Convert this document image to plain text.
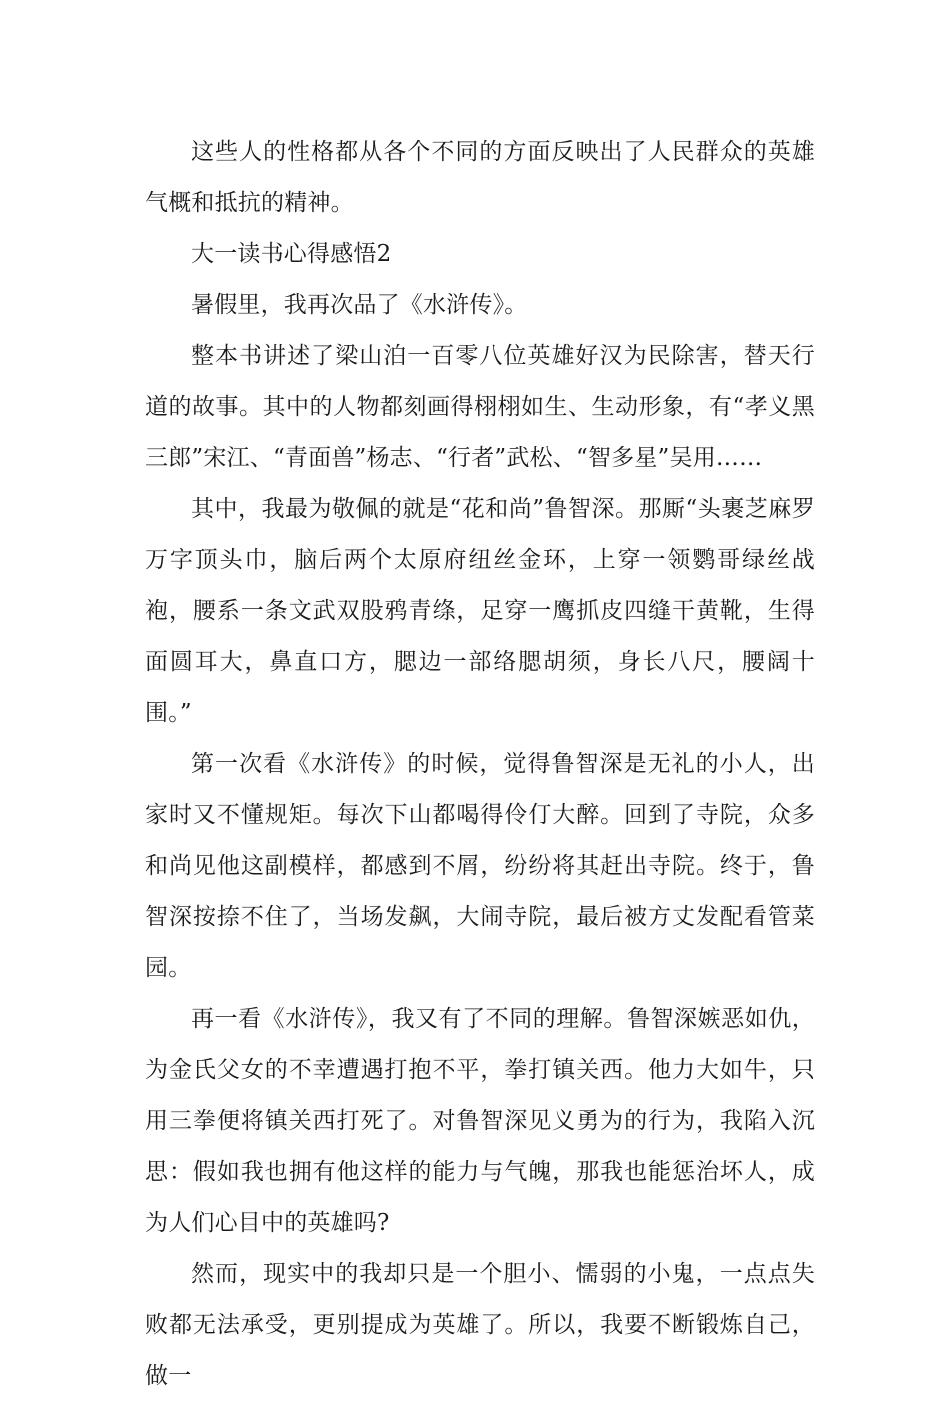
这些人的性格都从各个不同的方面反映出了人民群众的英雄气概和抵抗的精神。

大一读书心得感悟2

暑假里，我再次品了《水浒传》。

整本书讲述了梁山泊一百零八位英雄好汉为民除害，替天行道的故事。其中的人物都刻画得栩栩如生、生动形象，有“孝义黑三郎”宋江、“青面兽”杨志、“行者”武松、“智多星”吴用……

其中，我最为敬佩的就是“花和尚”鲁智深。那厮“头裹芝麻罗万字顶头巾，脑后两个太原府纽丝金环，上穿一领鹦哥绿丝战袍，腰系一条文武双股鸦青绦，足穿一鹰抓皮四缝干黄靴，生得面圆耳大，鼻直口方，腮边一部络腮胡须，身长八尺，腰阔十围。”

第一次看《水浒传》的时候，觉得鲁智深是无礼的小人，出家时又不懂规矩。每次下山都喝得伶仃大醉。回到了寺院，众多和尚见他这副模样，都感到不屑，纷纷将其赶出寺院。终于，鲁智深按捺不住了，当场发飙，大闹寺院，最后被方丈发配看管菜园。

再一看《水浒传》，我又有了不同的理解。鲁智深嫉恶如仇，为金氏父女的不幸遭遇打抱不平，拳打镇关西。他力大如牛，只用三拳便将镇关西打死了。对鲁智深见义勇为的行为，我陷入沉思：假如我也拥有他这样的能力与气魄，那我也能惩治坏人，成为人们心目中的英雄吗?

然而，现实中的我却只是一个胆小、懦弱的小鬼，一点点失败都无法承受，更别提成为英雄了。所以，我要不断锻炼自己，做一
